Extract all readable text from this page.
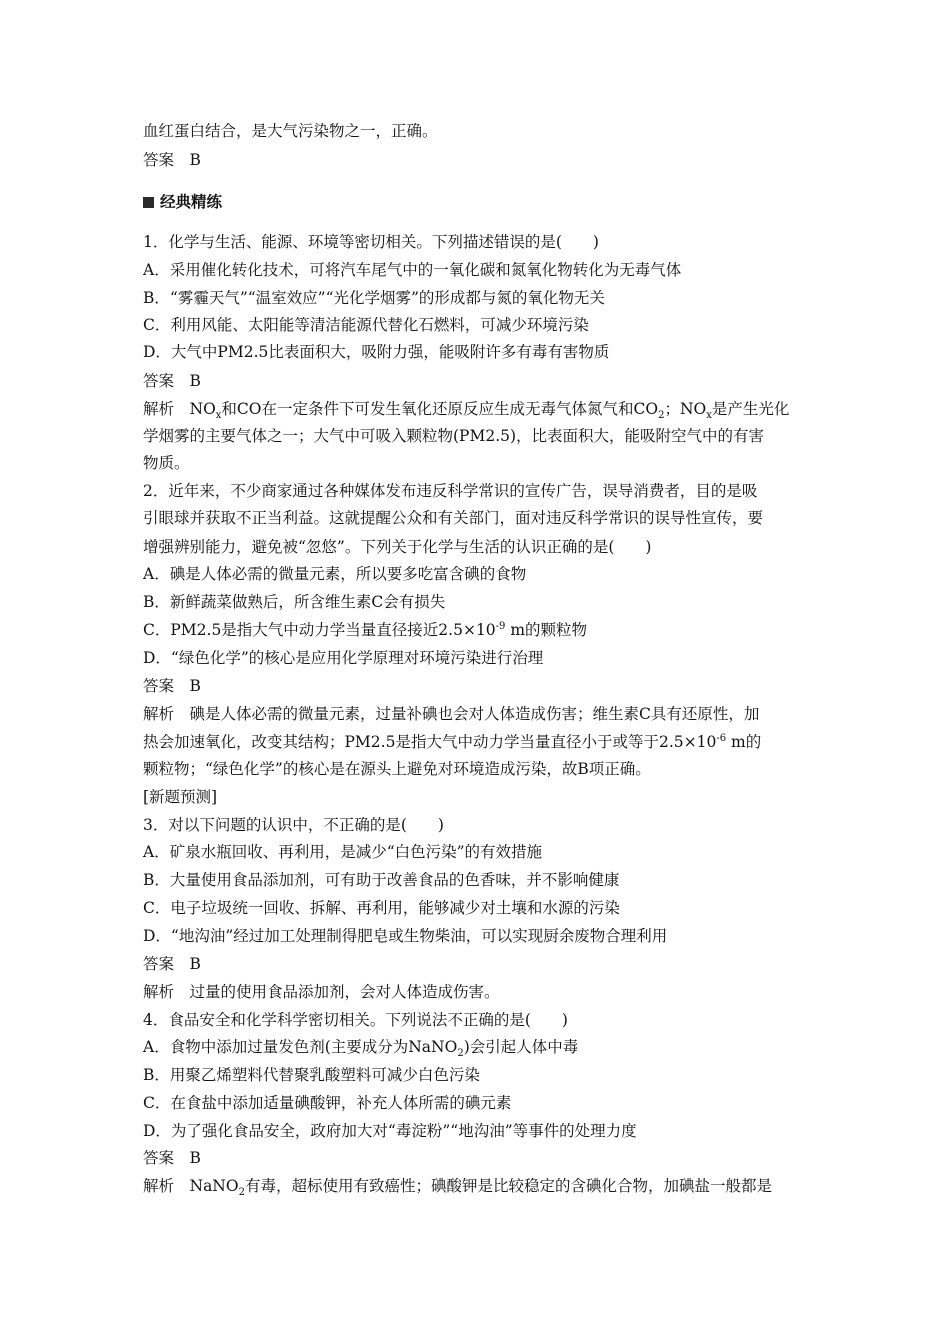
血红蛋白结合，是大气污染物之一，正确。
答案　B
经典精练
1．化学与生活、能源、环境等密切相关。下列描述错误的是(　　)
A．采用催化转化技术，可将汽车尾气中的一氧化碳和氮氧化物转化为无毒气体
B．“雾霾天气”“温室效应”“光化学烟雾”的形成都与氮的氧化物无关
C．利用风能、太阳能等清洁能源代替化石燃料，可减少环境污染
D．大气中PM2.5比表面积大，吸附力强，能吸附许多有毒有害物质
答案　B
解析　$NO_x$和CO在一定条件下可发生氧化还原反应生成无毒气体氮气和$CO_2$；$NO_x$是产生光化
学烟雾的主要气体之一；大气中可吸入颗粒物(PM2.5)，比表面积大，能吸附空气中的有害
物质。
2．近年来，不少商家通过各种媒体发布违反科学常识的宣传广告，误导消费者，目的是吸
引眼球并获取不正当利益。这就提醒公众和有关部门，面对违反科学常识的误导性宣传，要
增强辨别能力，避免被“忽悠”。下列关于化学与生活的认识正确的是(　　)
A．碘是人体必需的微量元素，所以要多吃富含碘的食物
B．新鲜蔬菜做熟后，所含维生素C会有损失
C．PM2.5是指大气中动力学当量直径接近$2.5\times 10^{-9}$ m的颗粒物
D．“绿色化学”的核心是应用化学原理对环境污染进行治理
答案　B
解析　碘是人体必需的微量元素，过量补碘也会对人体造成伤害；维生素C具有还原性，加
热会加速氧化，改变其结构；PM2.5是指大气中动力学当量直径小于或等于$2.5\times 10^{-6}$ m的
颗粒物；“绿色化学”的核心是在源头上避免对环境造成污染，故B项正确。
[新题预测]
3．对以下问题的认识中，不正确的是(　　)
A．矿泉水瓶回收、再利用，是减少“白色污染”的有效措施
B．大量使用食品添加剂，可有助于改善食品的色香味，并不影响健康
C．电子垃圾统一回收、拆解、再利用，能够减少对土壤和水源的污染
D．“地沟油”经过加工处理制得肥皂或生物柴油，可以实现厨余废物合理利用
答案　B
解析　过量的使用食品添加剂，会对人体造成伤害。
4．食品安全和化学科学密切相关。下列说法不正确的是(　　)
A．食物中添加过量发色剂(主要成分为NaNO$_2$)会引起人体中毒
B．用聚乙烯塑料代替聚乳酸塑料可减少白色污染
C．在食盐中添加适量碘酸钾，补充人体所需的碘元素
D．为了强化食品安全，政府加大对“毒淀粉”“地沟油”等事件的处理力度
答案　B
解析　NaNO$_2$有毒，超标使用有致癌性；碘酸钾是比较稳定的含碘化合物，加碘盐一般都是
